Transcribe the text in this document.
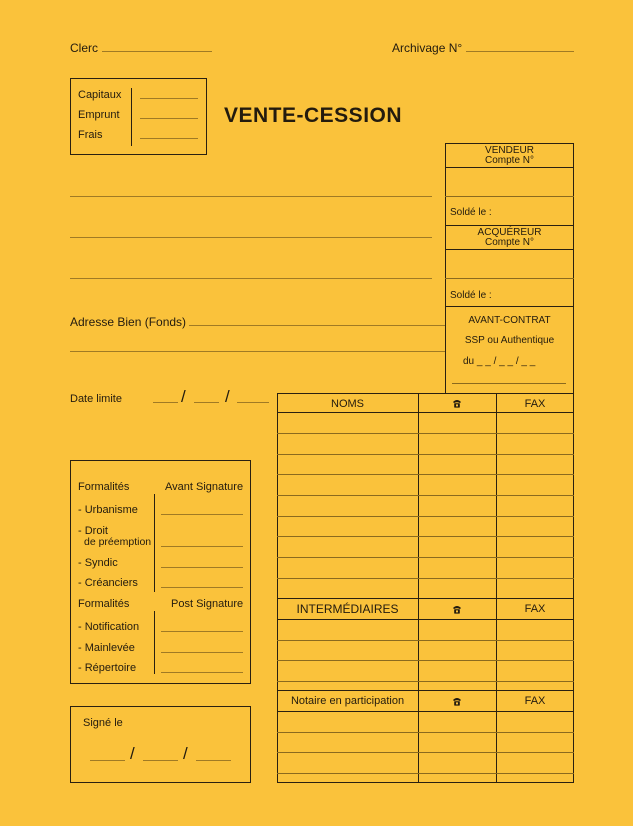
Clerc	Archivage N°
VENTE-CESSION
Capitaux
Emprunt
Frais
Adresse Bien (Fonds)
Date limite	/ /
VENDEUR
Compte N°
Soldé le :
ACQUÉREUR
Compte N°
Soldé le :
AVANT-CONTRAT
SSP ou Authentique
du _ _ / _ _ / _ _
NOMS	FAX
INTERMÉDIAIRES	FAX
Notaire en participation	FAX
Formalités	Avant Signature
- Urbanisme
- Droit
de préemption
- Syndic
- Créanciers
Formalités	Post Signature
- Notification
- Mainlevée
- Répertoire
Signé le
/	/
